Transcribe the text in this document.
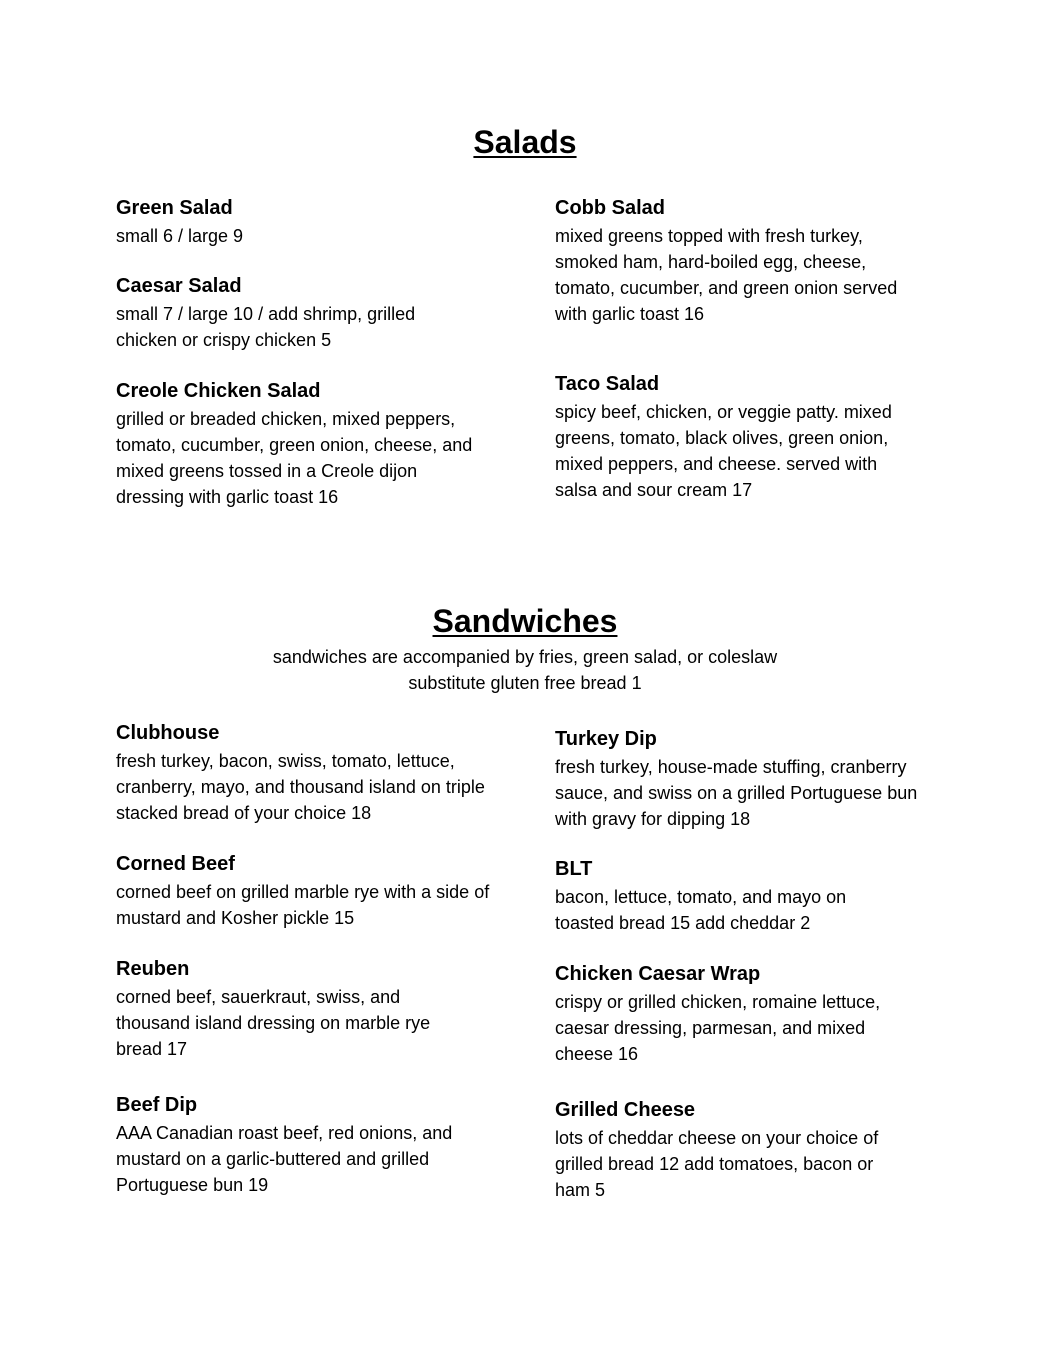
Salads
Green Salad
small 6 / large 9
Caesar Salad
small 7 / large 10 / add shrimp, grilled chicken or crispy chicken 5
Creole Chicken Salad
grilled or breaded chicken, mixed peppers, tomato, cucumber, green onion, cheese, and mixed greens tossed in a Creole dijon dressing with garlic toast 16
Cobb Salad
mixed greens topped with fresh turkey, smoked ham, hard-boiled egg, cheese, tomato, cucumber, and green onion served with garlic toast 16
Taco Salad
spicy beef, chicken, or veggie patty. mixed greens, tomato, black olives, green onion, mixed peppers, and cheese. served with salsa and sour cream 17
Sandwiches
sandwiches are accompanied by fries, green salad, or coleslaw
substitute gluten free bread 1
Clubhouse
fresh turkey, bacon, swiss, tomato, lettuce, cranberry, mayo, and thousand island on triple stacked bread of your choice 18
Corned Beef
corned beef on grilled marble rye with a side of mustard and Kosher pickle 15
Reuben
corned beef, sauerkraut, swiss, and thousand island dressing on marble rye bread 17
Beef Dip
AAA Canadian roast beef, red onions, and mustard on a garlic-buttered and grilled Portuguese bun 19
Turkey Dip
fresh turkey, house-made stuffing, cranberry sauce, and swiss on a grilled Portuguese bun with gravy for dipping 18
BLT
bacon, lettuce, tomato, and mayo on toasted bread 15 add cheddar 2
Chicken Caesar Wrap
crispy or grilled chicken, romaine lettuce, caesar dressing, parmesan, and mixed cheese 16
Grilled Cheese
lots of cheddar cheese on your choice of grilled bread 12 add tomatoes, bacon or ham 5
